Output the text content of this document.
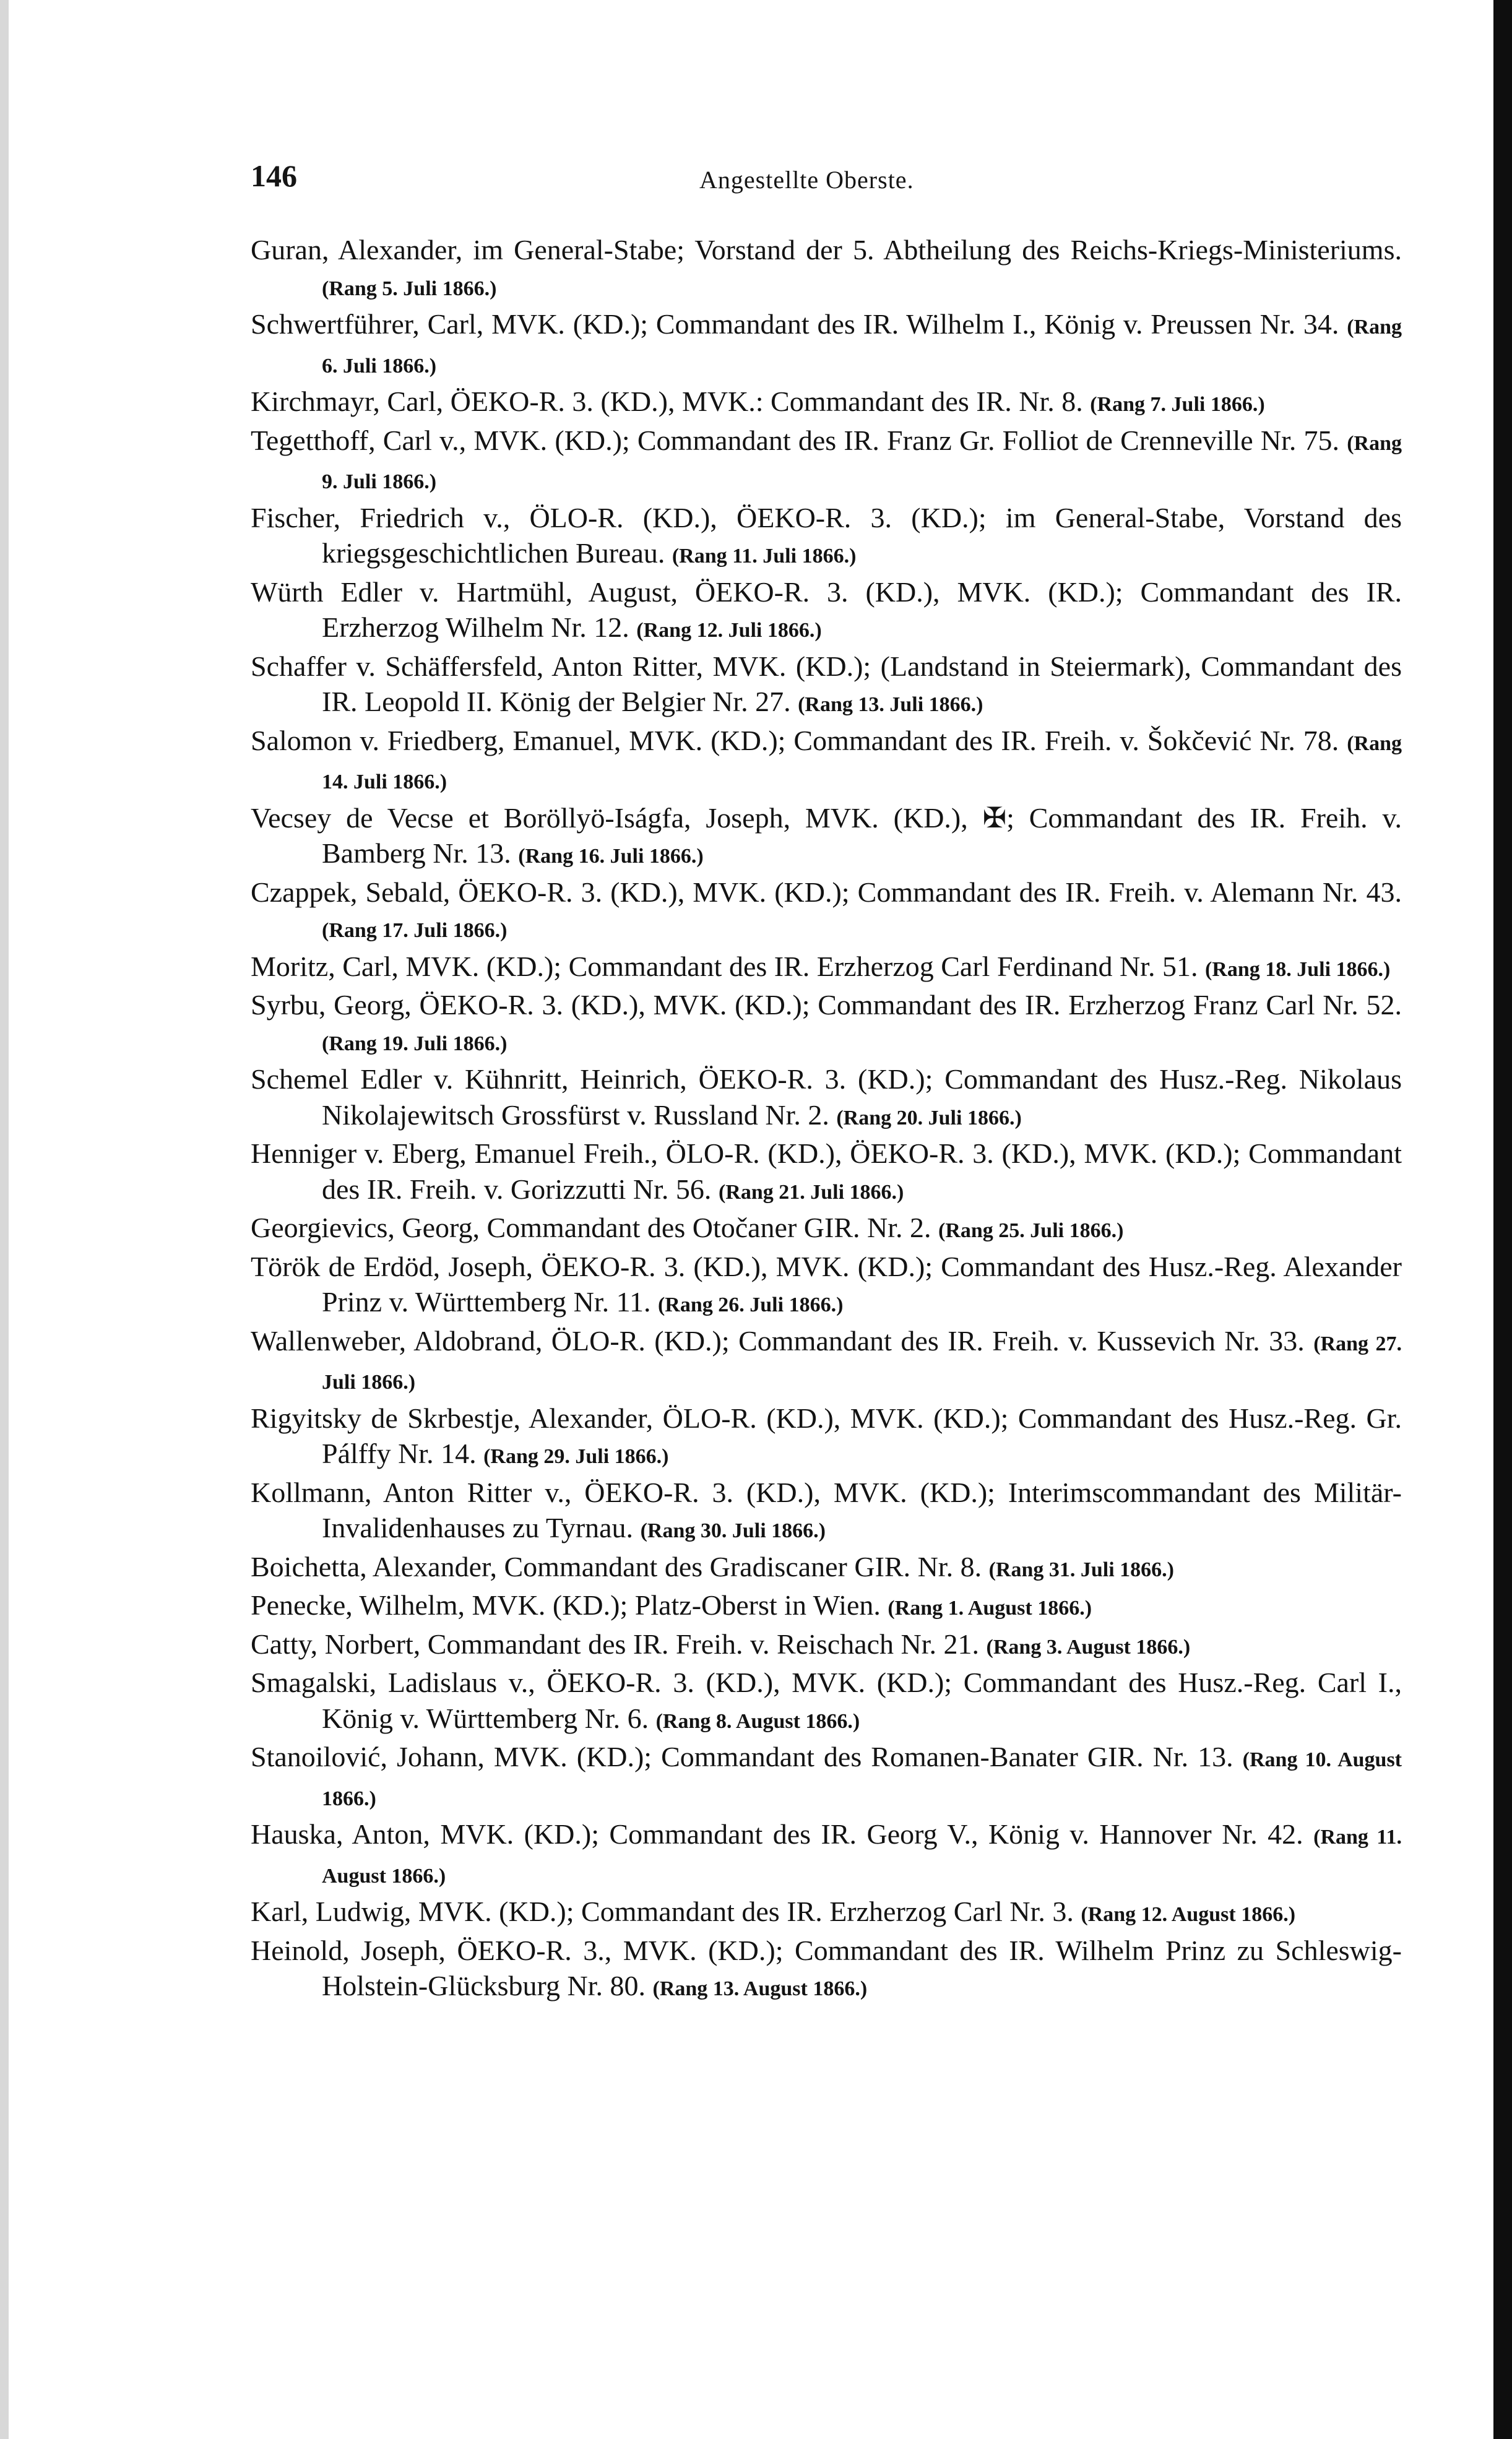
146	Angestellte Oberste.
Guran, Alexander, im General-Stabe; Vorstand der 5. Abtheilung des Reichs-Kriegs-Ministeriums. (Rang 5. Juli 1866.)
Schwertführer, Carl, MVK. (KD.); Commandant des IR. Wilhelm I., König v. Preussen Nr. 34. (Rang 6. Juli 1866.)
Kirchmayr, Carl, ÖEKO-R. 3. (KD.), MVK.: Commandant des IR. Nr. 8. (Rang 7. Juli 1866.)
Tegetthoff, Carl v., MVK. (KD.); Commandant des IR. Franz Gr. Folliot de Crenneville Nr. 75. (Rang 9. Juli 1866.)
Fischer, Friedrich v., ÖLO-R. (KD.), ÖEKO-R. 3. (KD.); im General-Stabe, Vorstand des kriegsgeschichtlichen Bureau. (Rang 11. Juli 1866.)
Würth Edler v. Hartmühl, August, ÖEKO-R. 3. (KD.), MVK. (KD.); Commandant des IR. Erzherzog Wilhelm Nr. 12. (Rang 12. Juli 1866.)
Schaffer v. Schäffersfeld, Anton Ritter, MVK. (KD.); (Landstand in Steiermark), Commandant des IR. Leopold II. König der Belgier Nr. 27. (Rang 13. Juli 1866.)
Salomon v. Friedberg, Emanuel, MVK. (KD.); Commandant des IR. Freih. v. Šokčević Nr. 78. (Rang 14. Juli 1866.)
Vecsey de Vecse et Boröllyö-Iságfa, Joseph, MVK. (KD.), ✠; Commandant des IR. Freih. v. Bamberg Nr. 13. (Rang 16. Juli 1866.)
Czappek, Sebald, ÖEKO-R. 3. (KD.), MVK. (KD.); Commandant des IR. Freih. v. Alemann Nr. 43. (Rang 17. Juli 1866.)
Moritz, Carl, MVK. (KD.); Commandant des IR. Erzherzog Carl Ferdinand Nr. 51. (Rang 18. Juli 1866.)
Syrbu, Georg, ÖEKO-R. 3. (KD.), MVK. (KD.); Commandant des IR. Erzherzog Franz Carl Nr. 52. (Rang 19. Juli 1866.)
Schemel Edler v. Kühnritt, Heinrich, ÖEKO-R. 3. (KD.); Commandant des Husz.-Reg. Nikolaus Nikolajewitsch Grossfürst v. Russland Nr. 2. (Rang 20. Juli 1866.)
Henniger v. Eberg, Emanuel Freih., ÖLO-R. (KD.), ÖEKO-R. 3. (KD.), MVK. (KD.); Commandant des IR. Freih. v. Gorizzutti Nr. 56. (Rang 21. Juli 1866.)
Georgievics, Georg, Commandant des Otočaner GIR. Nr. 2. (Rang 25. Juli 1866.)
Török de Erdöd, Joseph, ÖEKO-R. 3. (KD.), MVK. (KD.); Commandant des Husz.-Reg. Alexander Prinz v. Württemberg Nr. 11. (Rang 26. Juli 1866.)
Wallenweber, Aldobrand, ÖLO-R. (KD.); Commandant des IR. Freih. v. Kussevich Nr. 33. (Rang 27. Juli 1866.)
Rigyitsky de Skrbestje, Alexander, ÖLO-R. (KD.), MVK. (KD.); Commandant des Husz.-Reg. Gr. Pálffy Nr. 14. (Rang 29. Juli 1866.)
Kollmann, Anton Ritter v., ÖEKO-R. 3. (KD.), MVK. (KD.); Interimscommandant des Militär-Invalidenhauses zu Tyrnau. (Rang 30. Juli 1866.)
Boichetta, Alexander, Commandant des Gradiscaner GIR. Nr. 8. (Rang 31. Juli 1866.)
Penecke, Wilhelm, MVK. (KD.); Platz-Oberst in Wien. (Rang 1. August 1866.)
Catty, Norbert, Commandant des IR. Freih. v. Reischach Nr. 21. (Rang 3. August 1866.)
Smagalski, Ladislaus v., ÖEKO-R. 3. (KD.), MVK. (KD.); Commandant des Husz.-Reg. Carl I., König v. Württemberg Nr. 6. (Rang 8. August 1866.)
Stanoilović, Johann, MVK. (KD.); Commandant des Romanen-Banater GIR. Nr. 13. (Rang 10. August 1866.)
Hauska, Anton, MVK. (KD.); Commandant des IR. Georg V., König v. Hannover Nr. 42. (Rang 11. August 1866.)
Karl, Ludwig, MVK. (KD.); Commandant des IR. Erzherzog Carl Nr. 3. (Rang 12. August 1866.)
Heinold, Joseph, ÖEKO-R. 3., MVK. (KD.); Commandant des IR. Wilhelm Prinz zu Schleswig-Holstein-Glücksburg Nr. 80. (Rang 13. August 1866.)
